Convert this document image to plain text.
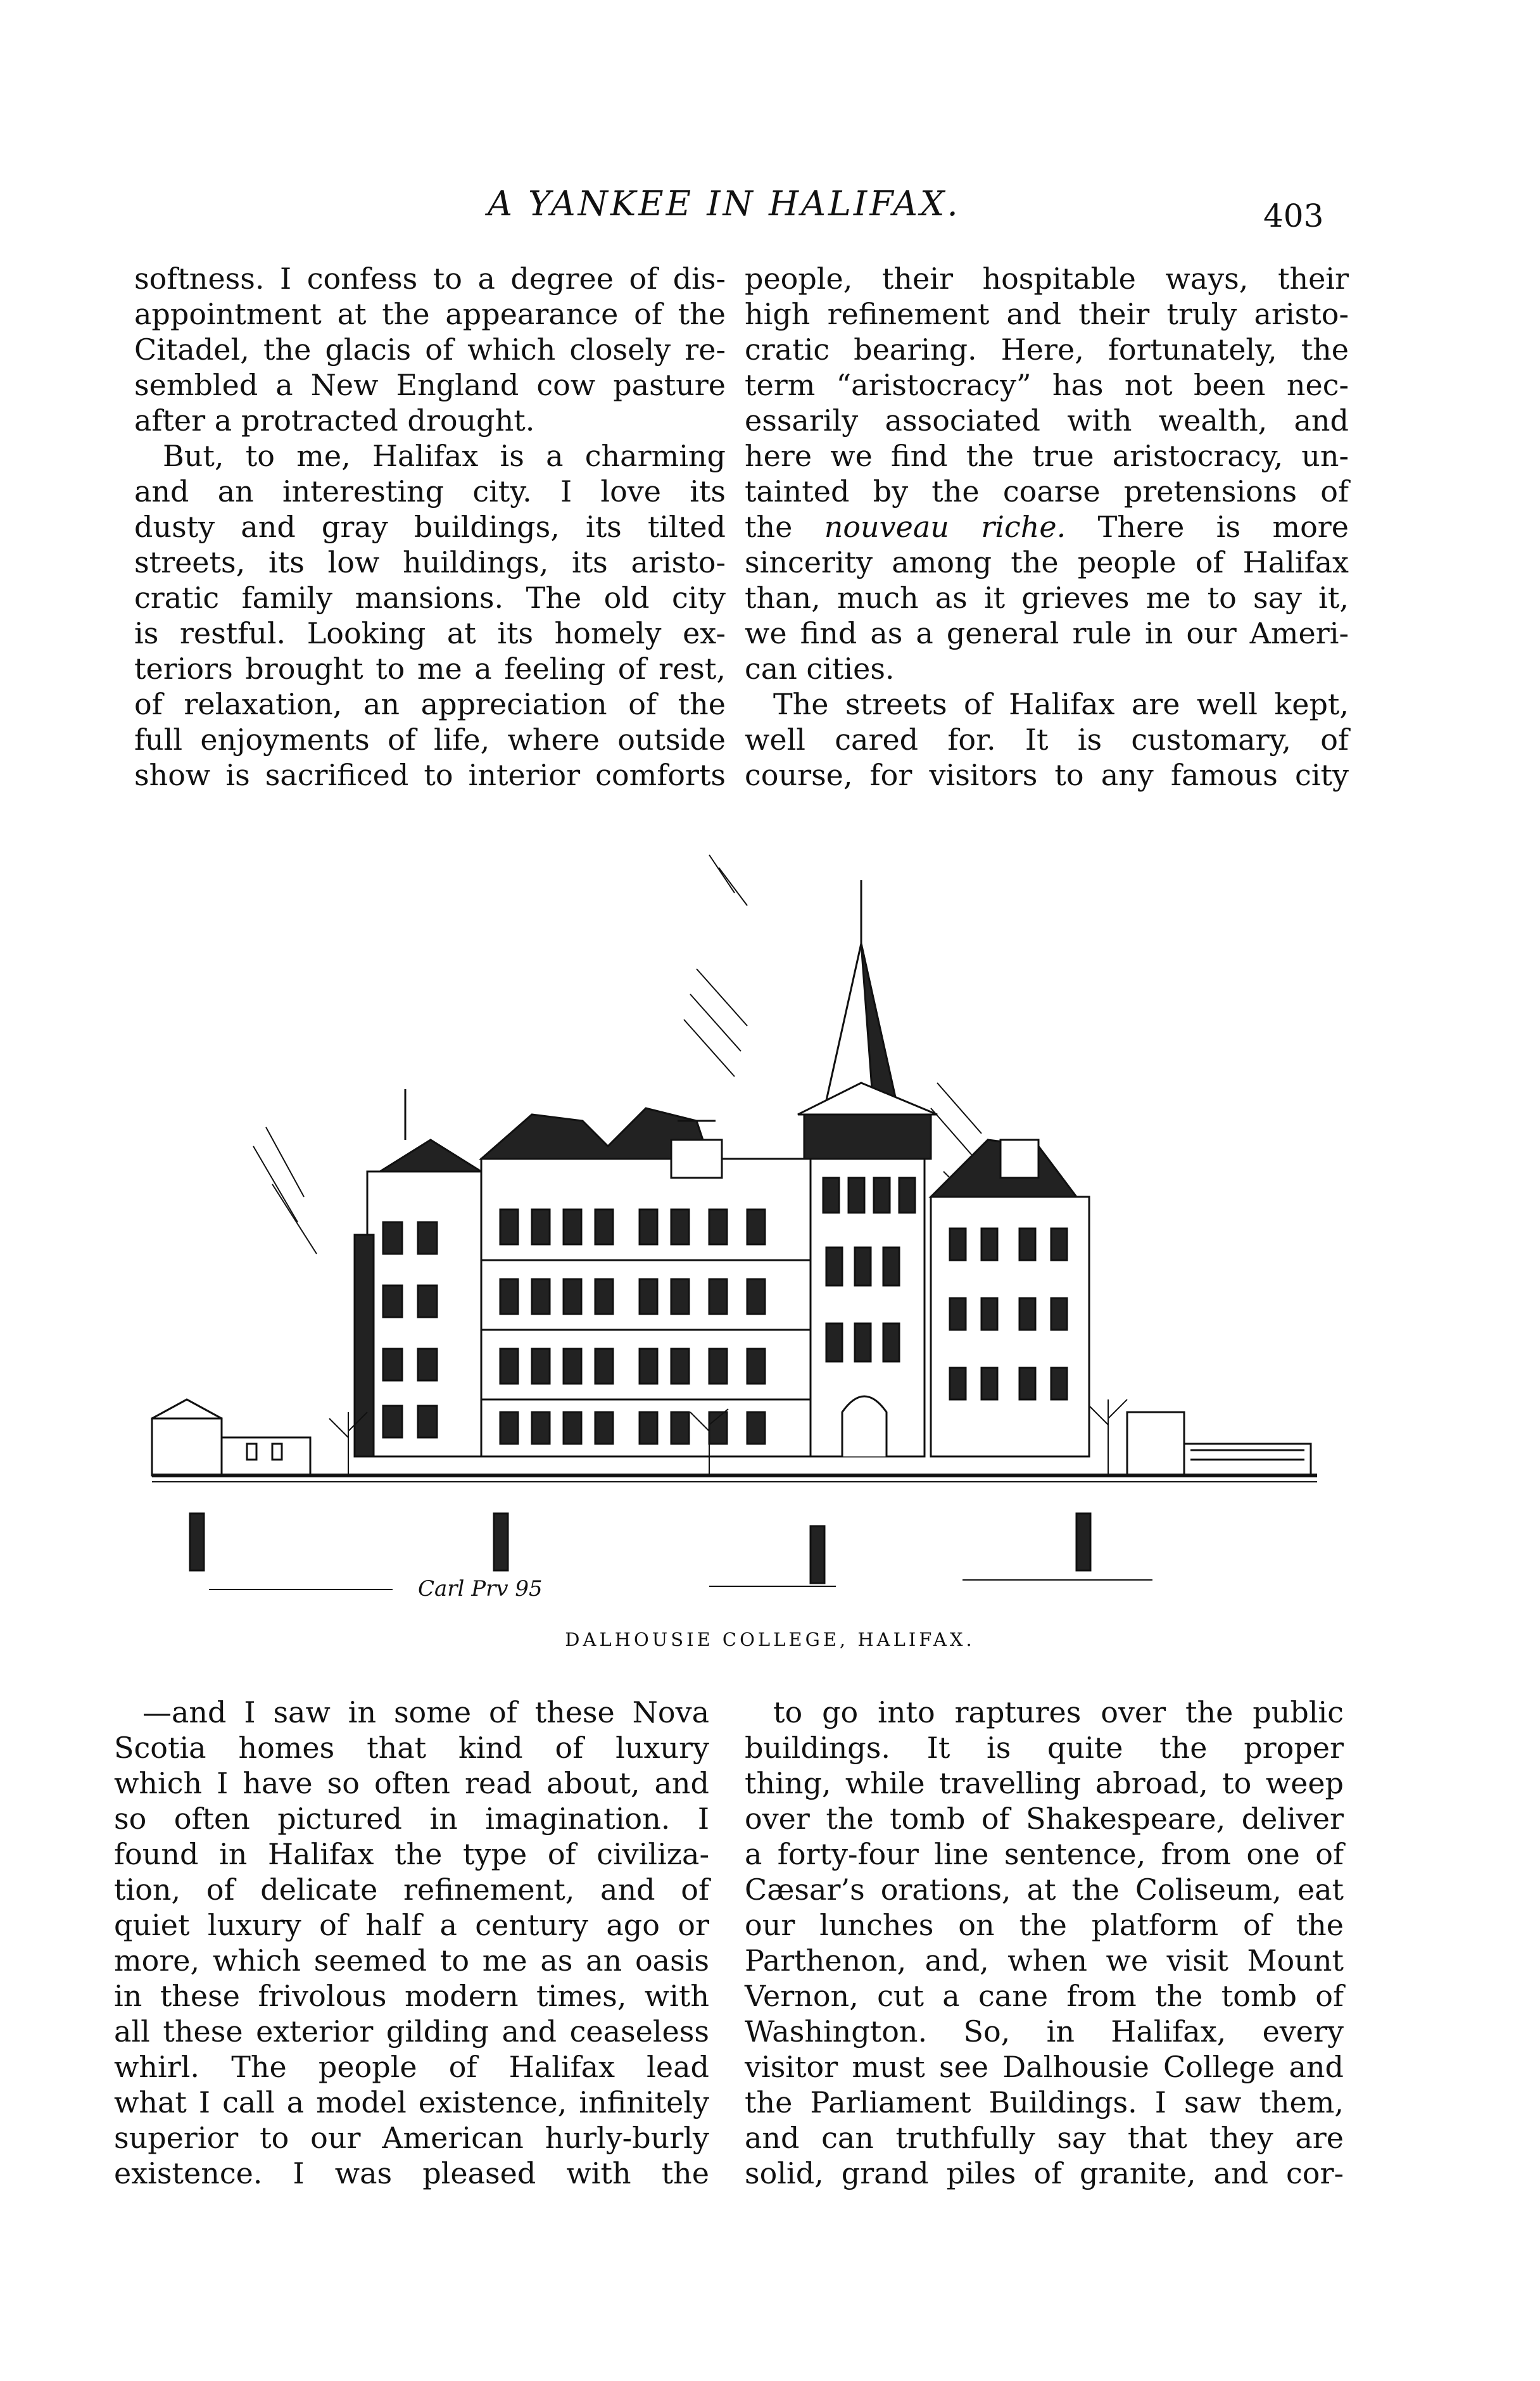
A YANKEE IN HALIFAX.	403
softness. I confess to a degree of dis-
appointment at the appearance of the
Citadel, the glacis of which closely re-
sembled a New England cow pasture
after a protracted drought.
But, to me, Halifax is a charming
and an interesting city. I love its
dusty and gray buildings, its tilted
streets, its low huildings, its aristo-
cratic family mansions. The old city
is restful. Looking at its homely ex-
teriors brought to me a feeling of rest,
of relaxation, an appreciation of the
full enjoyments of life, where outside
show is sacrificed to interior comforts
people, their hospitable ways, their
high refinement and their truly aristo-
cratic bearing. Here, fortunately, the
term “aristocracy” has not been nec-
essarily associated with wealth, and
here we find the true aristocracy, un-
tainted by the coarse pretensions of
the nouveau riche. There is more
sincerity among the people of Halifax
than, much as it grieves me to say it,
we find as a general rule in our Ameri-
can cities.
The streets of Halifax are well kept,
well cared for. It is customary, of
course, for visitors to any famous city
Carl Prv 95
DALHOUSIE COLLEGE, HALIFAX.
—and I saw in some of these Nova
Scotia homes that kind of luxury
which I have so often read about, and
so often pictured in imagination. I
found in Halifax the type of civiliza-
tion, of delicate refinement, and of
quiet luxury of half a century ago or
more, which seemed to me as an oasis
in these frivolous modern times, with
all these exterior gilding and ceaseless
whirl. The people of Halifax lead
what I call a model existence, infinitely
superior to our American hurly-burly
existence. I was pleased with the
to go into raptures over the public
buildings. It is quite the proper
thing, while travelling abroad, to weep
over the tomb of Shakespeare, deliver
a forty-four line sentence, from one of
Cæsar’s orations, at the Coliseum, eat
our lunches on the platform of the
Parthenon, and, when we visit Mount
Vernon, cut a cane from the tomb of
Washington. So, in Halifax, every
visitor must see Dalhousie College and
the Parliament Buildings. I saw them,
and can truthfully say that they are
solid, grand piles of granite, and cor-
